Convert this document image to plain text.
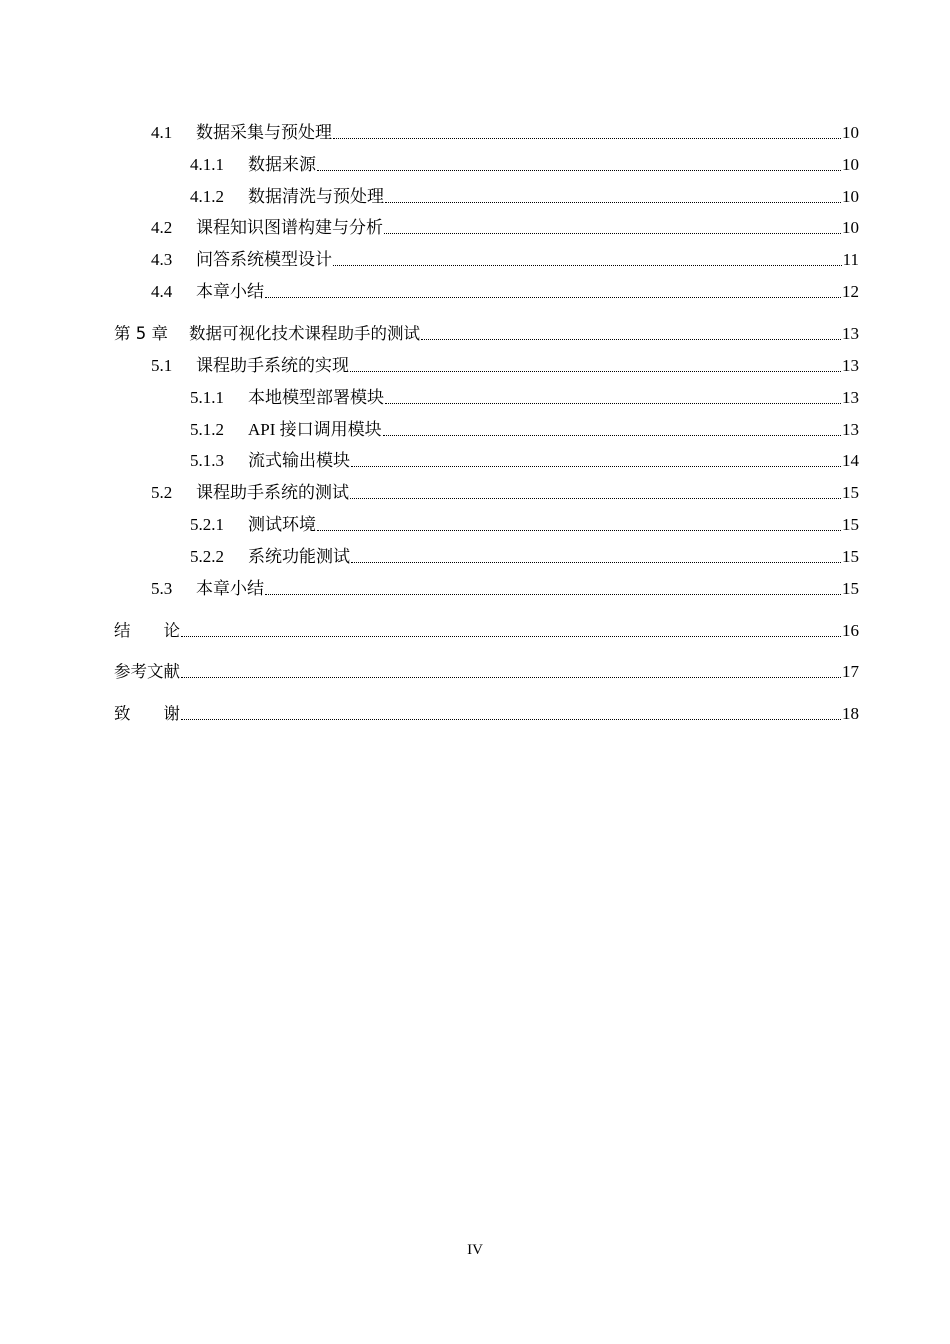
4.1	数据采集与预处理	10
4.1.1	数据来源	10
4.1.2	数据清洗与预处理	10
4.2	课程知识图谱构建与分析	10
4.3	问答系统模型设计	11
4.4	本章小结	12
第 5 章	数据可视化技术课程助手的测试	13
5.1	课程助手系统的实现	13
5.1.1	本地模型部署模块	13
5.1.2	API 接口调用模块	13
5.1.3	流式输出模块	14
5.2	课程助手系统的测试	15
5.2.1	测试环境	15
5.2.2	系统功能测试	15
5.3	本章小结	15
结　　论	16
参考文献	17
致　　谢	18
IV
